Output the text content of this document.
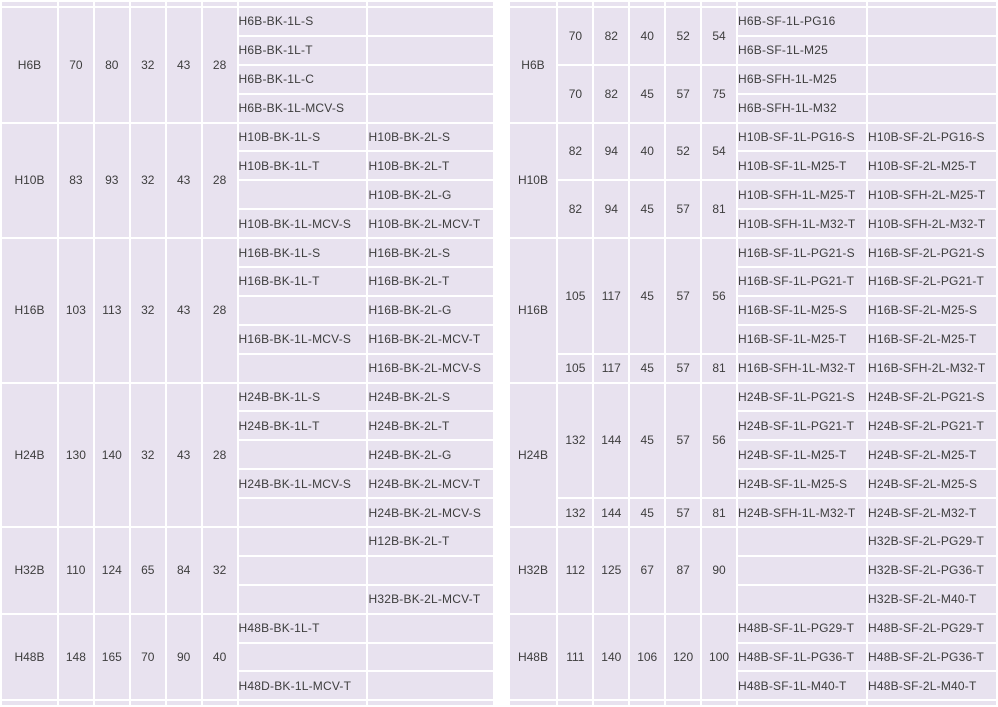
H6B	70	80	32	43	28	H6B-BK-1L-S	
						H6B-BK-1L-T	
						H6B-BK-1L-C	
						H6B-BK-1L-MCV-S	
H10B	83	93	32	43	28	H10B-BK-1L-S	H10B-BK-2L-S
						H10B-BK-1L-T	H10B-BK-2L-T
							H10B-BK-2L-G
						H10B-BK-1L-MCV-S	H10B-BK-2L-MCV-T
H16B	103	113	32	43	28	H16B-BK-1L-S	H16B-BK-2L-S
						H16B-BK-1L-T	H16B-BK-2L-T
							H16B-BK-2L-G
						H16B-BK-1L-MCV-S	H16B-BK-2L-MCV-T
							H16B-BK-2L-MCV-S
H24B	130	140	32	43	28	H24B-BK-1L-S	H24B-BK-2L-S
						H24B-BK-1L-T	H24B-BK-2L-T
							H24B-BK-2L-G
						H24B-BK-1L-MCV-S	H24B-BK-2L-MCV-T
							H24B-BK-2L-MCV-S
H32B	110	124	65	84	32		H12B-BK-2L-T

							H32B-BK-2L-MCV-T
H48B	148	165	70	90	40	H48B-BK-1L-T	

						H48D-BK-1L-MCV-T	

H6B	70	82	40	52	54	H6B-SF-1L-PG16	
						H6B-SF-1L-M25	
	70	82	45	57	75	H6B-SFH-1L-M25	
						H6B-SFH-1L-M32	
H10B	82	94	40	52	54	H10B-SF-1L-PG16-S	H10B-SF-2L-PG16-S
						H10B-SF-1L-M25-T	H10B-SF-2L-M25-T
	82	94	45	57	81	H10B-SFH-1L-M25-T	H10B-SFH-2L-M25-T
						H10B-SFH-1L-M32-T	H10B-SFH-2L-M32-T
H16B	105	117	45	57	56	H16B-SF-1L-PG21-S	H16B-SF-2L-PG21-S
						H16B-SF-1L-PG21-T	H16B-SF-2L-PG21-T
						H16B-SF-1L-M25-S	H16B-SF-2L-M25-S
						H16B-SF-1L-M25-T	H16B-SF-2L-M25-T
	105	117	45	57	81	H16B-SFH-1L-M32-T	H16B-SFH-2L-M32-T
H24B	132	144	45	57	56	H24B-SF-1L-PG21-S	H24B-SF-2L-PG21-S
						H24B-SF-1L-PG21-T	H24B-SF-2L-PG21-T
						H24B-SF-1L-M25-T	H24B-SF-2L-M25-T
						H24B-SF-1L-M25-S	H24B-SF-2L-M25-S
	132	144	45	57	81	H24B-SFH-1L-M32-T	H24B-SF-2L-M32-T
H32B	112	125	67	87	90		H32B-SF-2L-PG29-T
							H32B-SF-2L-PG36-T
							H32B-SF-2L-M40-T
H48B	111	140	106	120	100	H48B-SF-1L-PG29-T	H48B-SF-2L-PG29-T
						H48B-SF-1L-PG36-T	H48B-SF-2L-PG36-T
						H48B-SF-1L-M40-T	H48B-SF-2L-M40-T
